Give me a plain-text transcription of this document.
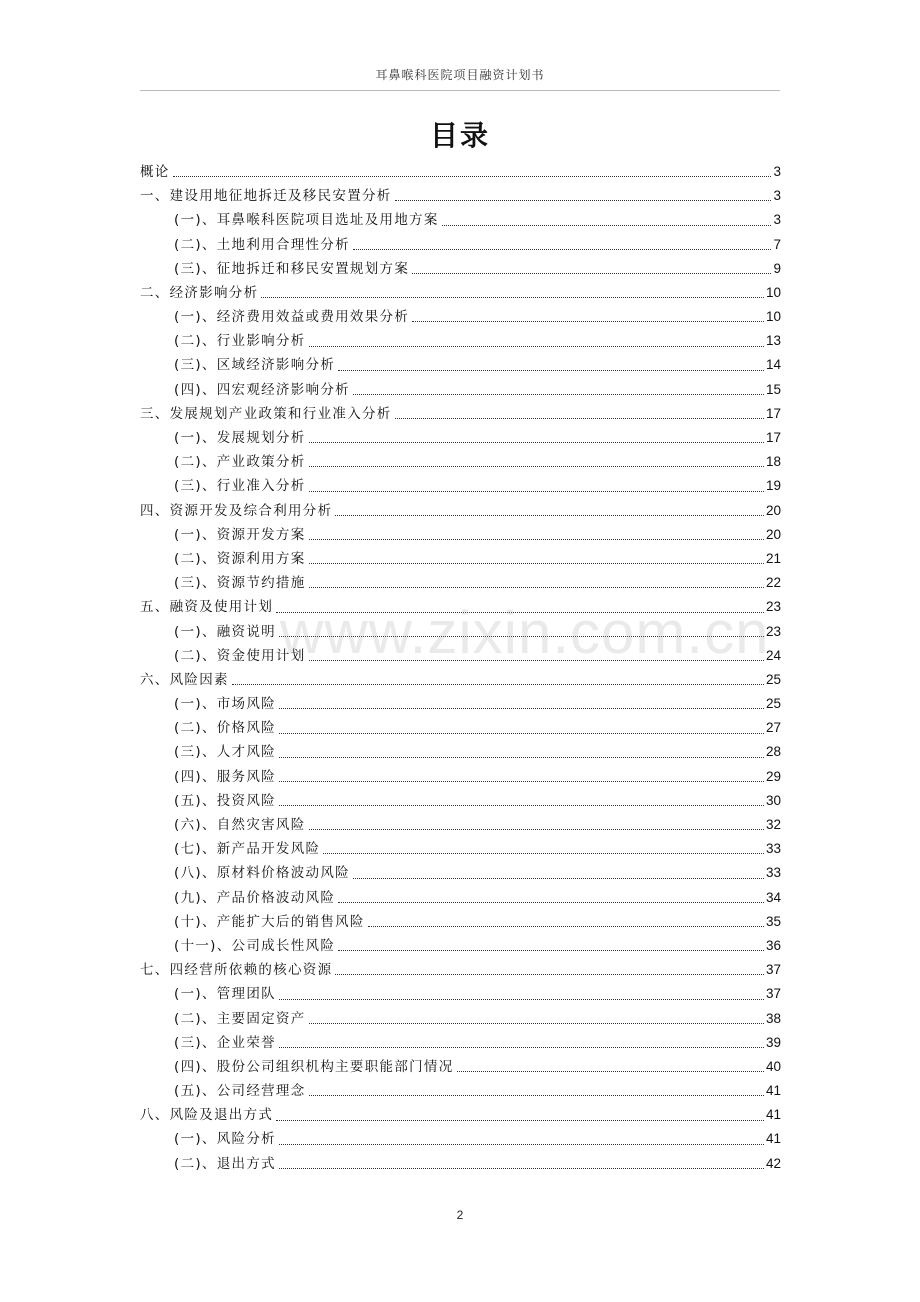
耳鼻喉科医院项目融资计划书
目录
概论	3
一、建设用地征地拆迁及移民安置分析	3
(一)、耳鼻喉科医院项目选址及用地方案	3
(二)、土地利用合理性分析	7
(三)、征地拆迁和移民安置规划方案	9
二、经济影响分析	10
(一)、经济费用效益或费用效果分析	10
(二)、行业影响分析	13
(三)、区域经济影响分析	14
(四)、四宏观经济影响分析	15
三、发展规划产业政策和行业准入分析	17
(一)、发展规划分析	17
(二)、产业政策分析	18
(三)、行业准入分析	19
四、资源开发及综合利用分析	20
(一)、资源开发方案	20
(二)、资源利用方案	21
(三)、资源节约措施	22
五、融资及使用计划	23
(一)、融资说明	23
(二)、资金使用计划	24
六、风险因素	25
(一)、市场风险	25
(二)、价格风险	27
(三)、人才风险	28
(四)、服务风险	29
(五)、投资风险	30
(六)、自然灾害风险	32
(七)、新产品开发风险	33
(八)、原材料价格波动风险	33
(九)、产品价格波动风险	34
(十)、产能扩大后的销售风险	35
(十一)、公司成长性风险	36
七、四经营所依赖的核心资源	37
(一)、管理团队	37
(二)、主要固定资产	38
(三)、企业荣誉	39
(四)、股份公司组织机构主要职能部门情况	40
(五)、公司经营理念	41
八、风险及退出方式	41
(一)、风险分析	41
(二)、退出方式	42
www.zixin.com.cn
2
